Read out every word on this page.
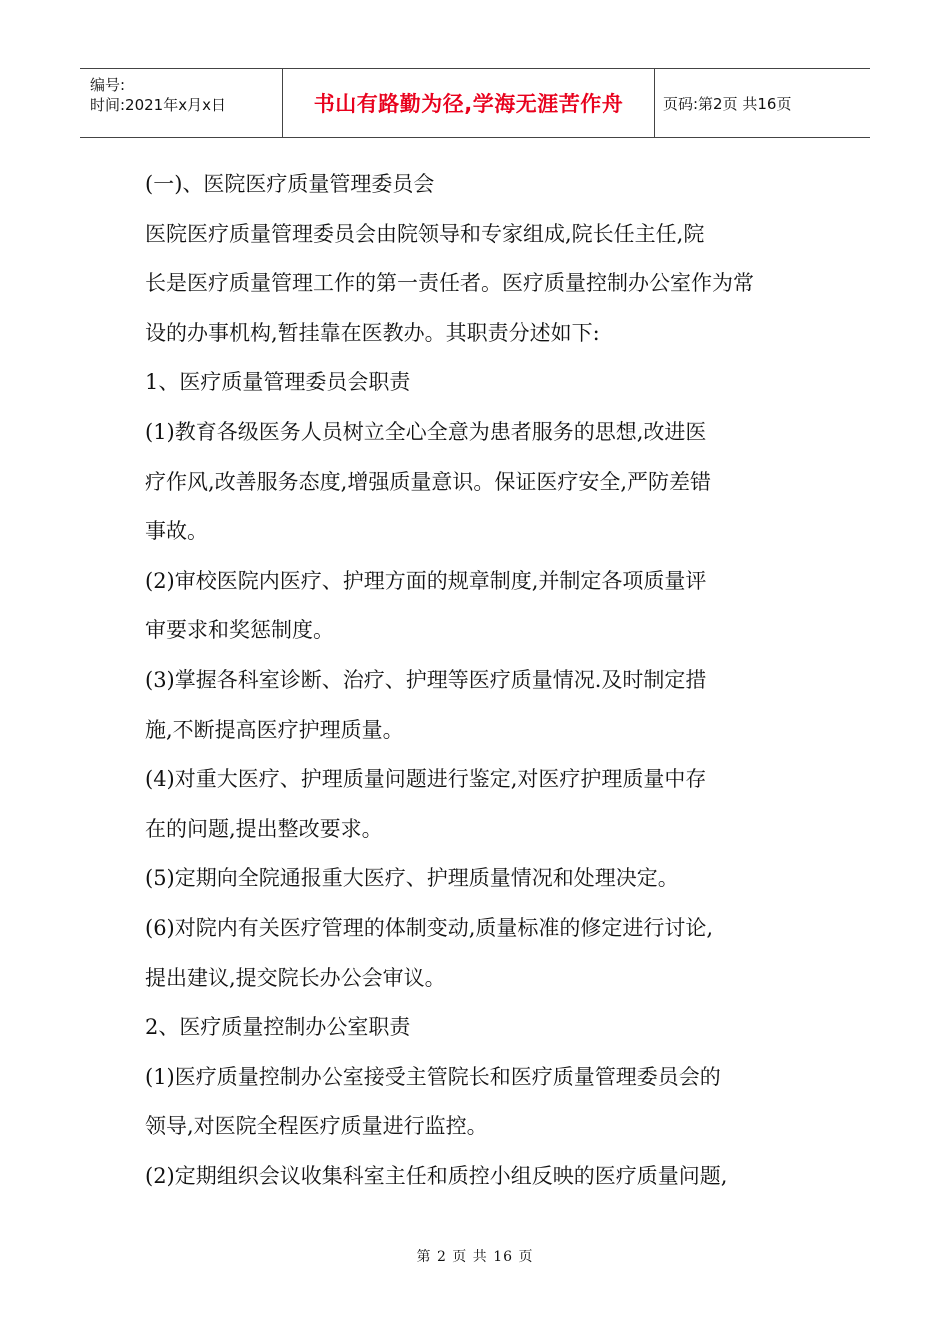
编号:
时间:2021年x月x日	书山有路勤为径,学海无涯苦作舟	页码:第2页 共16页
(一)、医院医疗质量管理委员会
医院医疗质量管理委员会由院领导和专家组成,院长任主任,院
长是医疗质量管理工作的第一责任者。医疗质量控制办公室作为常
设的办事机构,暂挂靠在医教办。其职责分述如下:
1、医疗质量管理委员会职责
(1)教育各级医务人员树立全心全意为患者服务的思想,改进医
疗作风,改善服务态度,增强质量意识。保证医疗安全,严防差错
事故。
(2)审校医院内医疗、护理方面的规章制度,并制定各项质量评
审要求和奖惩制度。
(3)掌握各科室诊断、治疗、护理等医疗质量情况.及时制定措
施,不断提高医疗护理质量。
(4)对重大医疗、护理质量问题进行鉴定,对医疗护理质量中存
在的问题,提出整改要求。
(5)定期向全院通报重大医疗、护理质量情况和处理决定。
(6)对院内有关医疗管理的体制变动,质量标准的修定进行讨论,
提出建议,提交院长办公会审议。
2、医疗质量控制办公室职责
(1)医疗质量控制办公室接受主管院长和医疗质量管理委员会的
领导,对医院全程医疗质量进行监控。
(2)定期组织会议收集科室主任和质控小组反映的医疗质量问题,
第 2 页 共 16 页
